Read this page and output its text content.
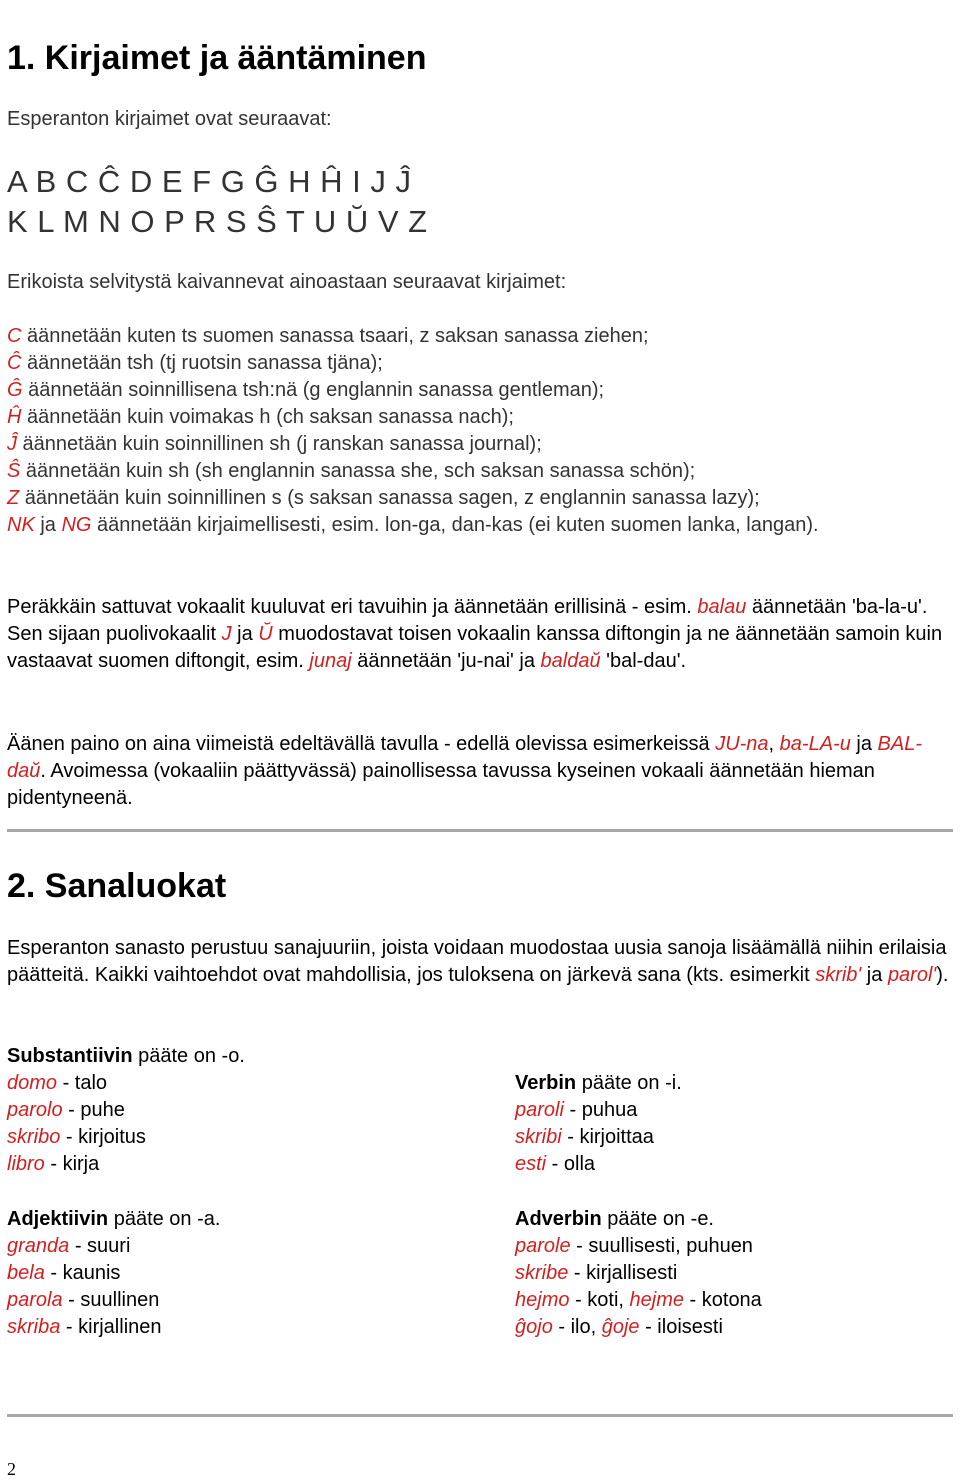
1. Kirjaimet ja ääntäminen
Esperanton kirjaimet ovat seuraavat:
A B C Ĉ D E F G Ĝ H Ĥ I J Ĵ
K L M N O P R S Ŝ T U Ŭ V Z
Erikoista selvitystä kaivannevat ainoastaan seuraavat kirjaimet:
C äännetään kuten ts suomen sanassa tsaari, z saksan sanassa ziehen;
Ĉ äännetään tsh (tj ruotsin sanassa tjäna);
Ĝ äännetään soinnillisena tsh:nä (g englannin sanassa gentleman);
Ĥ äännetään kuin voimakas h (ch saksan sanassa nach);
Ĵ äännetään kuin soinnillinen sh (j ranskan sanassa journal);
Ŝ äännetään kuin sh (sh englannin sanassa she, sch saksan sanassa schön);
Z äännetään kuin soinnillinen s (s saksan sanassa sagen, z englannin sanassa lazy);
NK ja NG äännetään kirjaimellisesti, esim. lon-ga, dan-kas (ei kuten suomen lanka, langan).
Peräkkäin sattuvat vokaalit kuuluvat eri tavuihin ja äännetään erillisinä - esim. balau äännetään 'ba-la-u'. Sen sijaan puolivokaalit J ja Ŭ muodostavat toisen vokaalin kanssa diftongin ja ne äännetään samoin kuin vastaavat suomen diftongit, esim. junaj äännetään 'ju-nai' ja baldaŭ 'bal-dau'.
Äänen paino on aina viimeistä edeltävällä tavulla - edellä olevissa esimerkeissä JU-na, ba-LA-u ja BAL-daŭ. Avoimessa (vokaaliin päättyvässä) painollisessa tavussa kyseinen vokaali äännetään hieman pidentyneenä.
2. Sanaluokat
Esperanton sanasto perustuu sanajuuriin, joista voidaan muodostaa uusia sanoja lisäämällä niihin erilaisia päätteitä. Kaikki vaihtoehdot ovat mahdollisia, jos tuloksena on järkevä sana (kts. esimerkit skrib' ja parol').
Substantiivin pääte on -o.
domo - talo
parolo - puhe
skribo - kirjoitus
libro - kirja
Verbin pääte on -i.
paroli - puhua
skribi - kirjoittaa
esti - olla
Adjektiivin pääte on -a.
granda - suuri
bela - kaunis
parola - suullinen
skriba - kirjallinen
Adverbin pääte on -e.
parole - suullisesti, puhuen
skribe - kirjallisesti
hejmo - koti, hejme - kotona
ĝojo - ilo, ĝoje - iloisesti
2
